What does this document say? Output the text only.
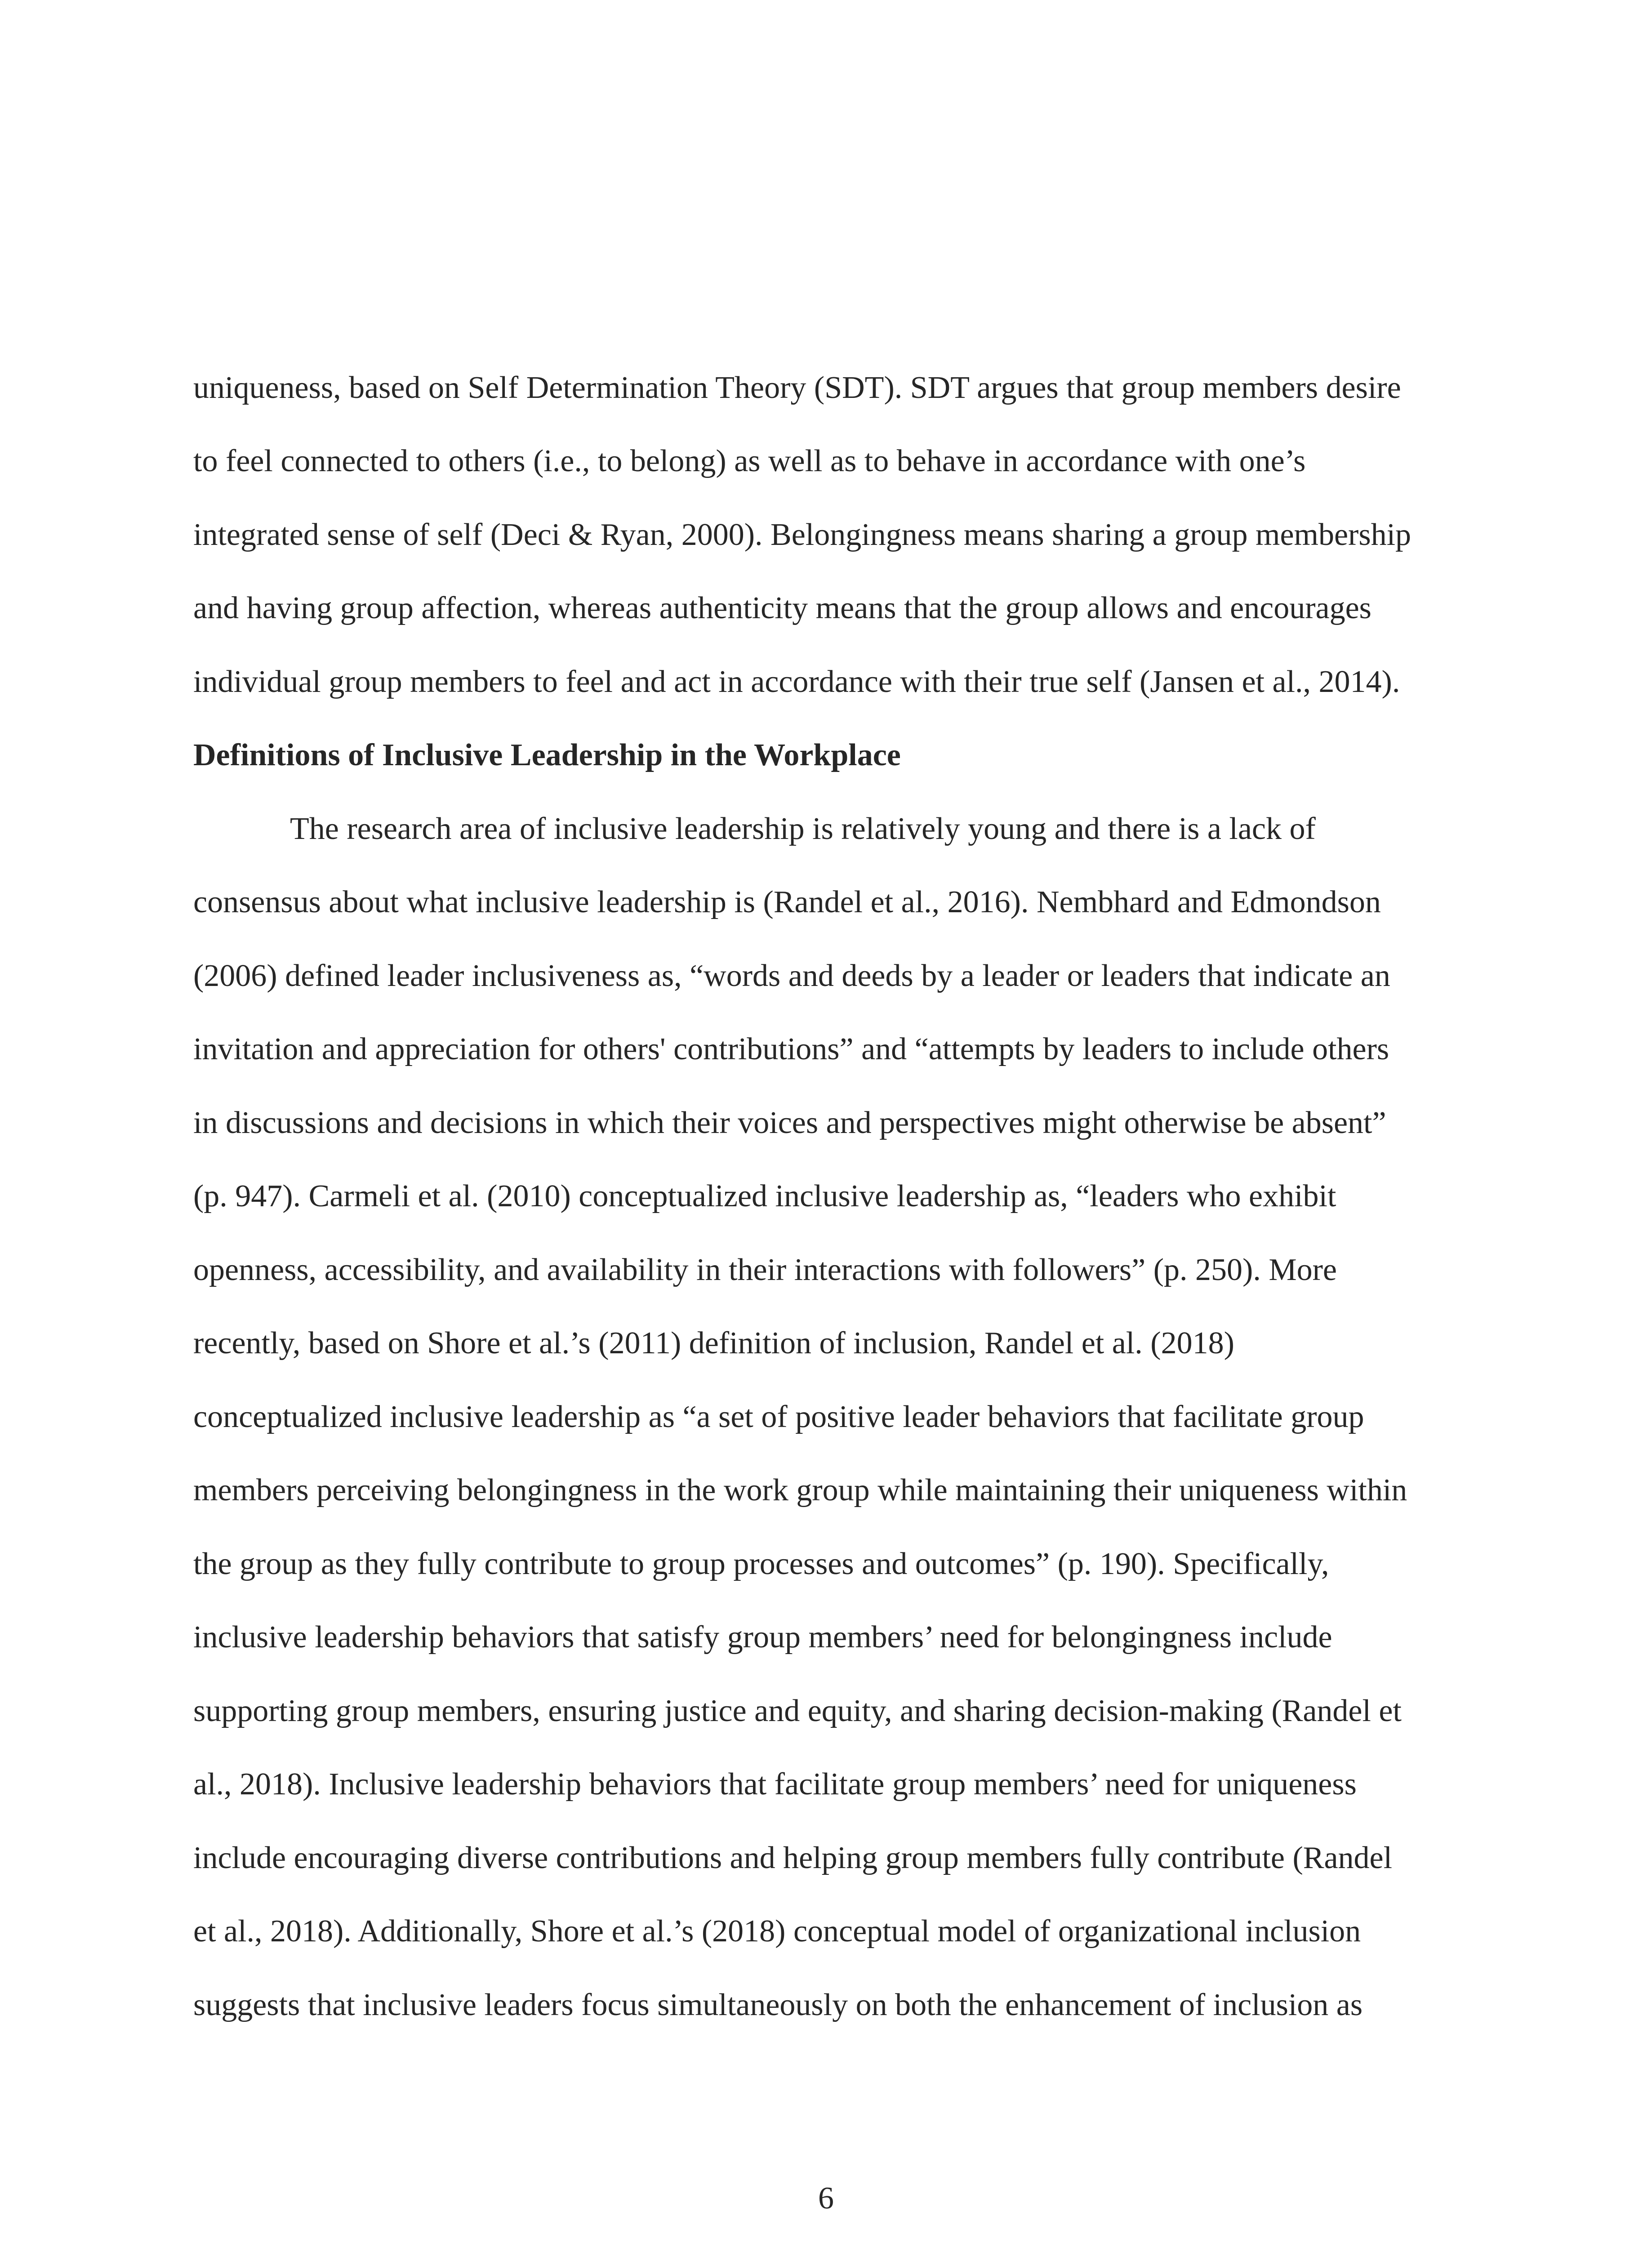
uniqueness, based on Self Determination Theory (SDT). SDT argues that group members desire

to feel connected to others (i.e., to belong) as well as to behave in accordance with one’s

integrated sense of self (Deci & Ryan, 2000). Belongingness means sharing a group membership

and having group affection, whereas authenticity means that the group allows and encourages

individual group members to feel and act in accordance with their true self (Jansen et al., 2014).

Definitions of Inclusive Leadership in the Workplace

The research area of inclusive leadership is relatively young and there is a lack of

consensus about what inclusive leadership is (Randel et al., 2016). Nembhard and Edmondson

(2006) defined leader inclusiveness as, “words and deeds by a leader or leaders that indicate an

invitation and appreciation for others' contributions” and “attempts by leaders to include others

in discussions and decisions in which their voices and perspectives might otherwise be absent”

(p. 947). Carmeli et al. (2010) conceptualized inclusive leadership as, “leaders who exhibit

openness, accessibility, and availability in their interactions with followers” (p. 250). More

recently, based on Shore et al.’s (2011) definition of inclusion, Randel et al. (2018)

conceptualized inclusive leadership as “a set of positive leader behaviors that facilitate group

members perceiving belongingness in the work group while maintaining their uniqueness within

the group as they fully contribute to group processes and outcomes” (p. 190). Specifically,

inclusive leadership behaviors that satisfy group members’ need for belongingness include

supporting group members, ensuring justice and equity, and sharing decision-making (Randel et

al., 2018). Inclusive leadership behaviors that facilitate group members’ need for uniqueness

include encouraging diverse contributions and helping group members fully contribute (Randel

et al., 2018). Additionally, Shore et al.’s (2018) conceptual model of organizational inclusion

suggests that inclusive leaders focus simultaneously on both the enhancement of inclusion as

6
